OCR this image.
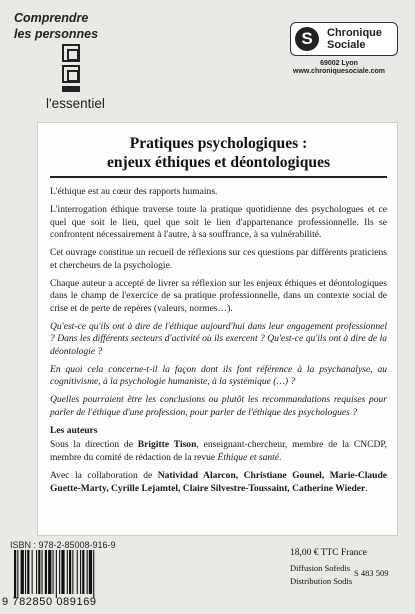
Comprendre
les personnes
l'essentiel
S	Chronique
Sociale
69002 Lyon
www.chroniquesociale.com
Pratiques psychologiques :
enjeux éthiques et déontologiques

L'éthique est au cœur des rapports humains.

L'interrogation éthique traverse toute la pratique quotidienne des psychologues et ce quel que soit le lieu, quel que soit le lien d'appartenance professionnelle. Ils se confrontent nécessairement à l'autre, à sa souffrance, à sa vulnérabilité.

Cet ouvrage constitue un recueil de réflexions sur ces questions par différents praticiens et chercheurs de la psychologie.

Chaque auteur a accepté de livrer sa réflexion sur les enjeux éthiques et déontologiques dans le champ de l'exercice de sa pratique professionnelle, dans un contexte social de crise et de perte de repères (valeurs, normes…).

Qu'est-ce qu'ils ont à dire de l'éthique aujourd'hui dans leur engagement professionnel ? Dans les différents secteurs d'activité où ils exercent ? Qu'est-ce qu'ils ont à dire de la déontologie ?

En quoi cela concerne-t-il la façon dont ils font référence à la psychanalyse, au cognitivisme, à la psychologie humaniste, à la systémique (…) ?

Quelles pourraient être les conclusions ou plutôt les recommandations requises pour parler de l'éthique d'une profession, pour parler de l'éthique des psychologues ?

Les auteurs

Sous la direction de Brigitte Tison, enseignant-chercheur, membre de la CNCDP, membre du comité de rédaction de la revue Éthique et santé.

Avec la collaboration de Natividad Alarcon, Christiane Gounel, Marie-Claude Guette-Marty, Cyrille Lejamtel, Claire Silvestre-Toussaint, Catherine Wieder.

ISBN : 978-2-85008-916-9
9 782850 089169
18,00 € TTC France
Diffusion Sofedis
Distribution Sodis
S 483 509
